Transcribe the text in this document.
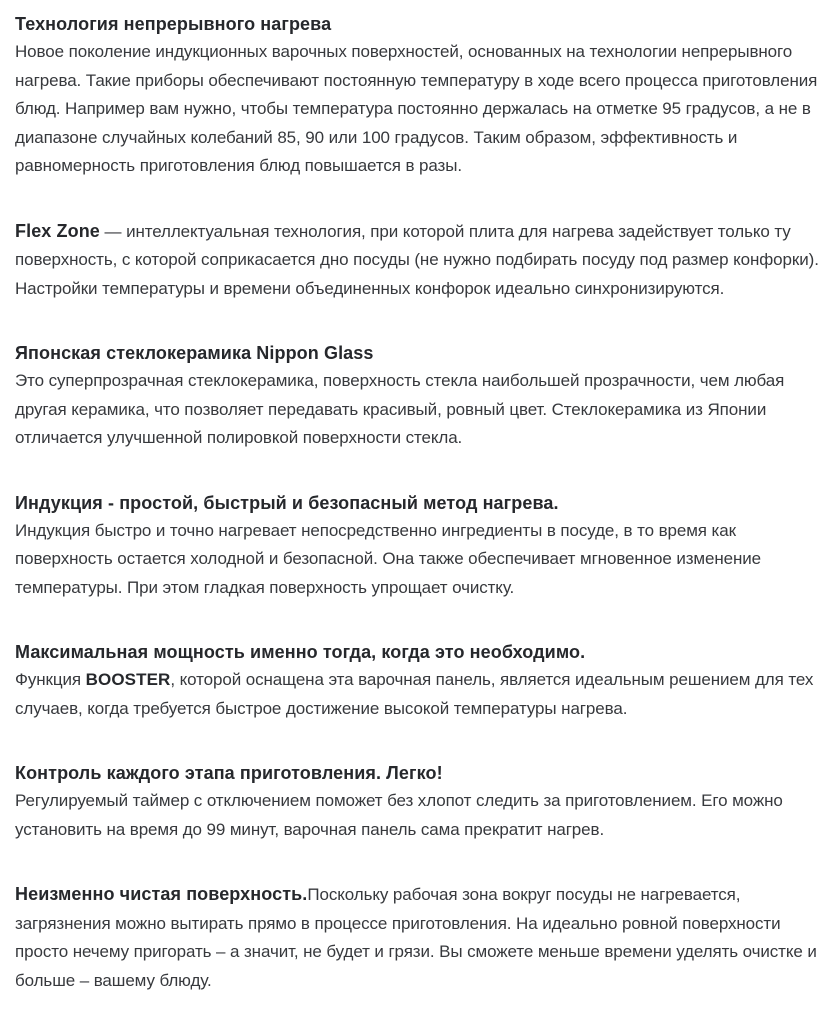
Технология непрерывного нагрева

Новое поколение индукционных варочных поверхностей, основанных на технологии непрерывного нагрева. Такие приборы обеспечивают постоянную температуру в ходе всего процесса приготовления блюд. Например вам нужно, чтобы температура постоянно держалась на отметке 95 градусов, а не в диапазоне случайных колебаний 85, 90 или 100 градусов. Таким образом, эффективность и равномерность приготовления блюд повышается в разы.

Flex Zone — интеллектуальная технология, при которой плита для нагрева задействует только ту поверхность, с которой соприкасается дно посуды (не нужно подбирать посуду под размер конфорки). Настройки температуры и времени объединенных конфорок идеально синхронизируются.

Японская стеклокерамика Nippon Glass

Это суперпрозрачная стеклокерамика, поверхность стекла наибольшей прозрачности, чем любая другая керамика, что позволяет передавать красивый, ровный цвет. Стеклокерамика из Японии отличается улучшенной полировкой поверхности стекла.

Индукция - простой, быстрый и безопасный метод нагрева.

Индукция быстро и точно нагревает непосредственно ингредиенты в посуде, в то время как поверхность остается холодной и безопасной. Она также обеспечивает мгновенное изменение температуры. При этом гладкая поверхность упрощает очистку.

Максимальная мощность именно тогда, когда это необходимо.

Функция BOOSTER, которой оснащена эта варочная панель, является идеальным решением для тех случаев, когда требуется быстрое достижение высокой температуры нагрева.

Контроль каждого этапа приготовления. Легко!

Регулируемый таймер с отключением поможет без хлопот следить за приготовлением. Его можно установить на время до 99 минут, варочная панель сама прекратит нагрев.

Неизменно чистая поверхность.Поскольку рабочая зона вокруг посуды не нагревается, загрязнения можно вытирать прямо в процессе приготовления. На идеально ровной поверхности просто нечему пригорать – а значит, не будет и грязи. Вы сможете меньше времени уделять очистке и больше – вашему блюду.
